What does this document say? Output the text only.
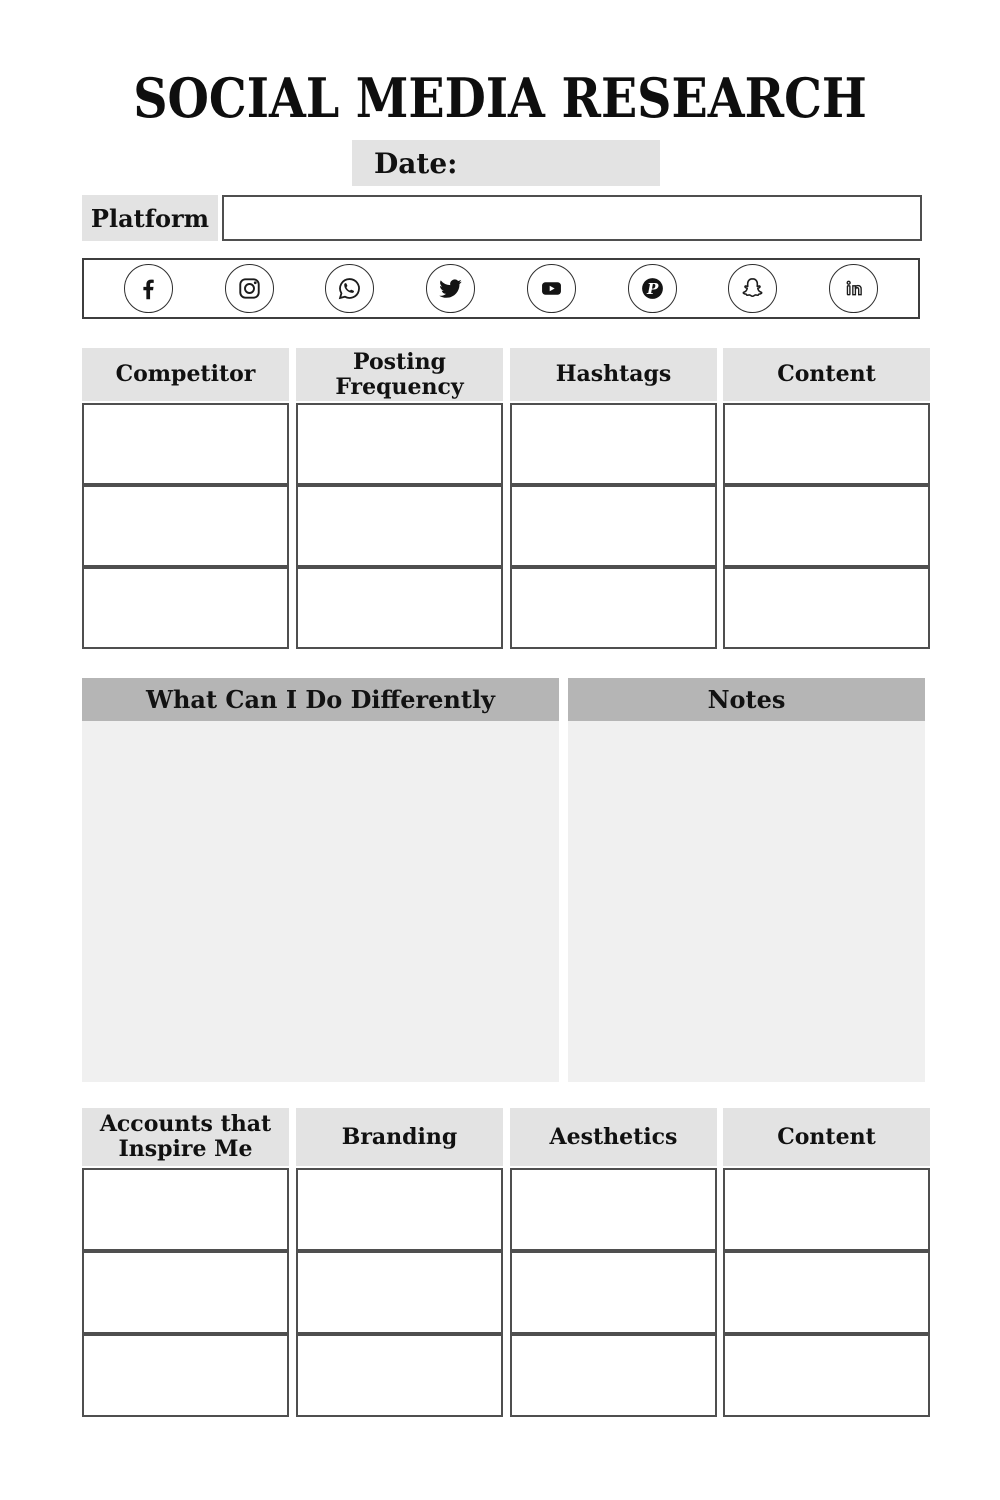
SOCIAL MEDIA RESEARCH
Date:
Platform
P
Competitor	Posting Frequency	Hashtags	Content
What Can I Do Differently	Notes
Accounts that Inspire Me	Branding	Aesthetics	Content
